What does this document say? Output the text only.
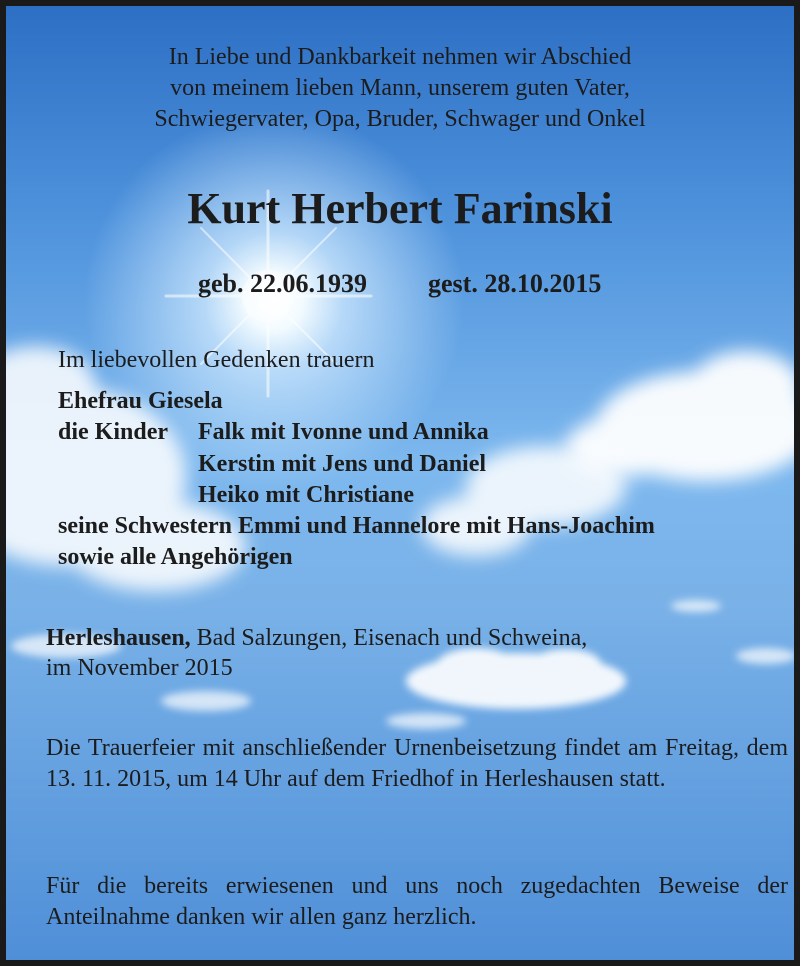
In Liebe und Dankbarkeit nehmen wir Abschied
von meinem lieben Mann, unserem guten Vater,
Schwiegervater, Opa, Bruder, Schwager und Onkel
Kurt Herbert Farinski
geb. 22.06.1939 gest. 28.10.2015
Im liebevollen Gedenken trauern
Ehefrau Giesela
die Kinder Falk mit Ivonne und Annika
Kerstin mit Jens und Daniel
Heiko mit Christiane
seine Schwestern Emmi und Hannelore mit Hans-Joachim
sowie alle Angehörigen
Herleshausen, Bad Salzungen, Eisenach und Schweina,
im November 2015
Die Trauerfeier mit anschließender Urnenbeisetzung findet am Freitag, dem 13. 11. 2015, um 14 Uhr auf dem Friedhof in Herleshausen statt.
Für die bereits erwiesenen und uns noch zugedachten Beweise der Anteilnahme danken wir allen ganz herzlich.
